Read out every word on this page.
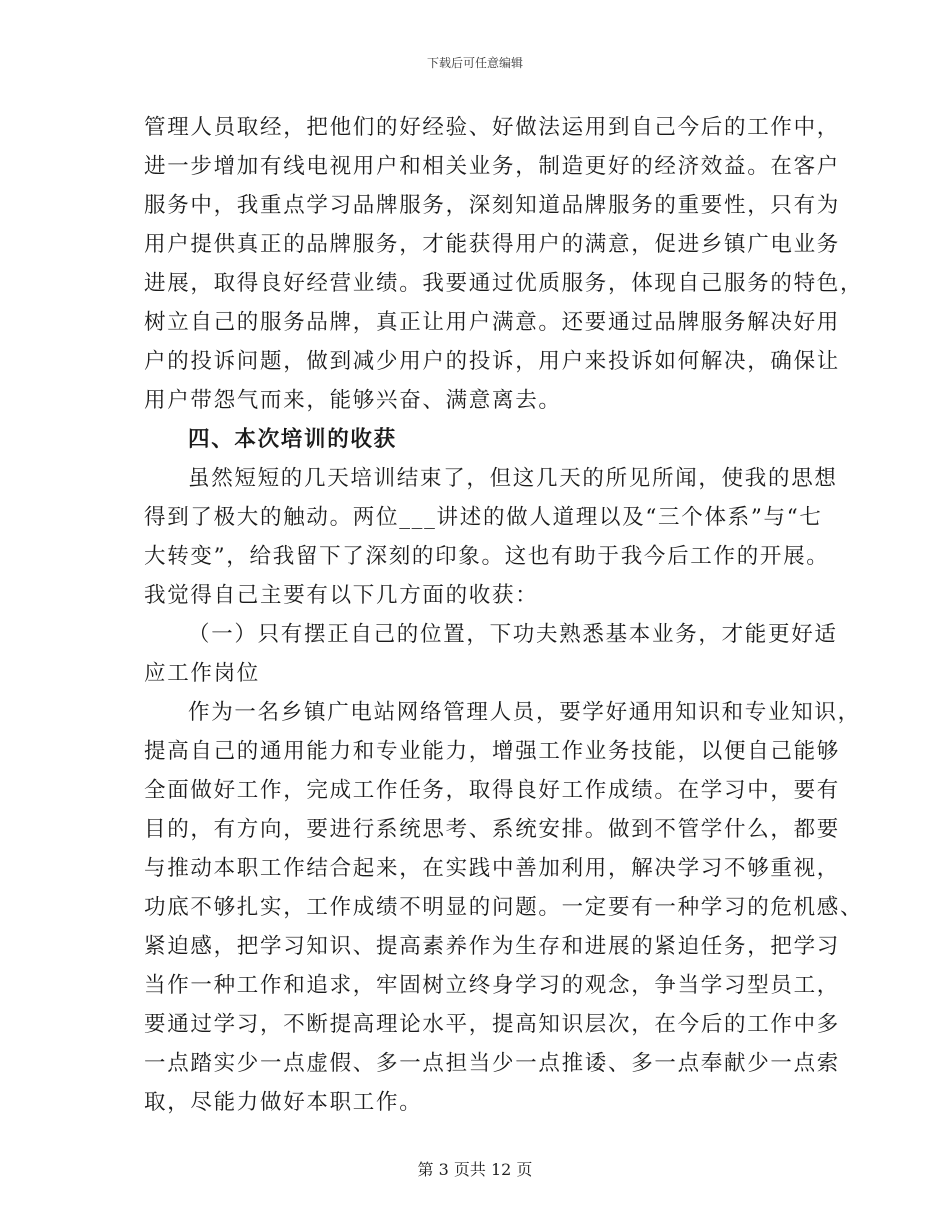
下载后可任意编辑
管理人员取经，把他们的好经验、好做法运用到自己今后的工作中，
进一步增加有线电视用户和相关业务，制造更好的经济效益。在客户
服务中，我重点学习品牌服务，深刻知道品牌服务的重要性，只有为
用户提供真正的品牌服务，才能获得用户的满意，促进乡镇广电业务
进展，取得良好经营业绩。我要通过优质服务，体现自己服务的特色，
树立自己的服务品牌，真正让用户满意。还要通过品牌服务解决好用
户的投诉问题，做到减少用户的投诉，用户来投诉如何解决，确保让
用户带怨气而来，能够兴奋、满意离去。
四、本次培训的收获
虽然短短的几天培训结束了，但这几天的所见所闻，使我的思想
得到了极大的触动。两位___讲述的做人道理以及“三个体系”与“七
大转变”，给我留下了深刻的印象。这也有助于我今后工作的开展。
我觉得自己主要有以下几方面的收获：
（一）只有摆正自己的位置，下功夫熟悉基本业务，才能更好适
应工作岗位
作为一名乡镇广电站网络管理人员，要学好通用知识和专业知识，
提高自己的通用能力和专业能力，增强工作业务技能，以便自己能够
全面做好工作，完成工作任务，取得良好工作成绩。在学习中，要有
目的，有方向，要进行系统思考、系统安排。做到不管学什么，都要
与推动本职工作结合起来，在实践中善加利用，解决学习不够重视，
功底不够扎实，工作成绩不明显的问题。一定要有一种学习的危机感、
紧迫感，把学习知识、提高素养作为生存和进展的紧迫任务，把学习
当作一种工作和追求，牢固树立终身学习的观念，争当学习型员工，
要通过学习，不断提高理论水平，提高知识层次，在今后的工作中多
一点踏实少一点虚假、多一点担当少一点推诿、多一点奉献少一点索
取，尽能力做好本职工作。
第 3 页共 12 页
